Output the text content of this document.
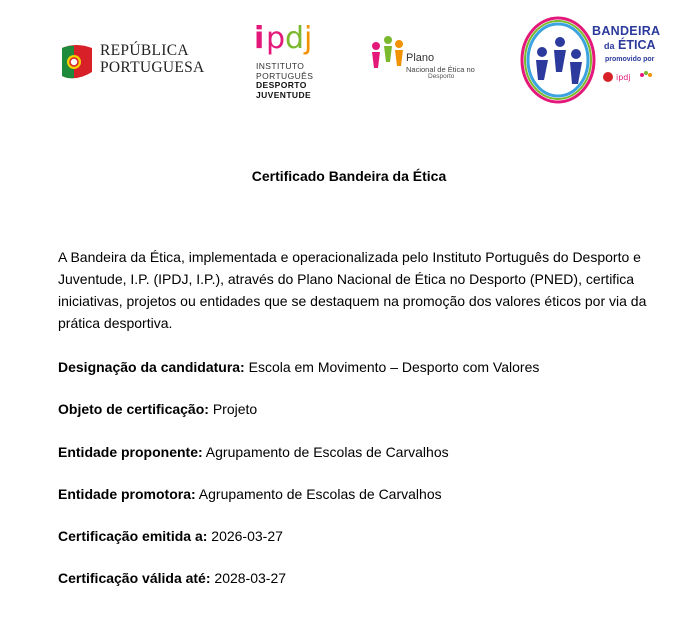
REPÚBLICA
PORTUGUESA
i p d j
INSTITUTO
PORTUGUÊS
DESPORTO
JUVENTUDE
Plano
Nacional de Ética no
Desporto
BANDEIRA
da ÉTICA
promovido por
ipdj
Certificado Bandeira da Ética

A Bandeira da Ética, implementada e operacionalizada pelo Instituto Português do Desporto e Juventude, I.P. (IPDJ, I.P.), através do Plano Nacional de Ética no Desporto (PNED), certifica iniciativas, projetos ou entidades que se destaquem na promoção dos valores éticos por via da prática desportiva.

Designação da candidatura: Escola em Movimento – Desporto com Valores

Objeto de certificação: Projeto

Entidade proponente: Agrupamento de Escolas de Carvalhos

Entidade promotora: Agrupamento de Escolas de Carvalhos

Certificação emitida a: 2026-03-27

Certificação válida até: 2028-03-27
